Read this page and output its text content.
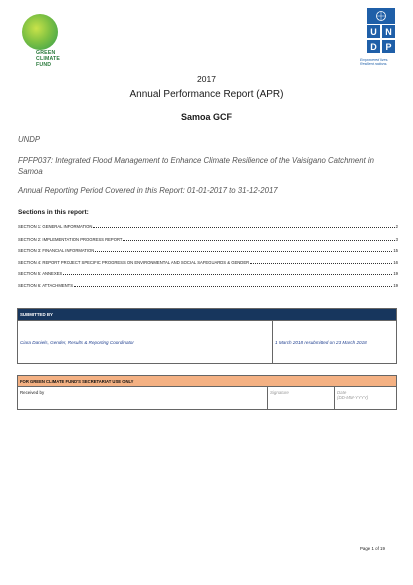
GREEN
CLIMATE
FUND
U N
D P
Empowered lives.
Resilient nations.
2017
Annual Performance Report (APR)
Samoa GCF
UNDP
FPFP037: Integrated Flood Management to Enhance Climate Resilience of the Vaisigano Catchment in Samoa
Annual Reporting Period Covered in this Report: 01-01-2017 to 31-12-2017
Sections in this report:
SECTION 1: GENERAL INFORMATION	2
SECTION 2: IMPLEMENTATION PROGRESS REPORT	3
SECTION 3: FINANCIAL INFORMATION	15
SECTION 4: REPORT PROJECT SPECIFIC PROGRESS ON ENVIRONMENTAL AND SOCIAL SAFEGUARDS & GENDER	16
SECTION 5: ANNEXES	19
SECTION 6: ATTACHMENTS	19
SUBMITTED BY
Ciara Daniels, Gender, Results & Reporting Coordinator	1 March 2018 resubmitted on 23 March 2018
FOR GREEN CLIMATE FUND'S SECRETARIAT USE ONLY
Received by	Signature	Date
(DD-MM-YYYY)
Page 1 of 19
